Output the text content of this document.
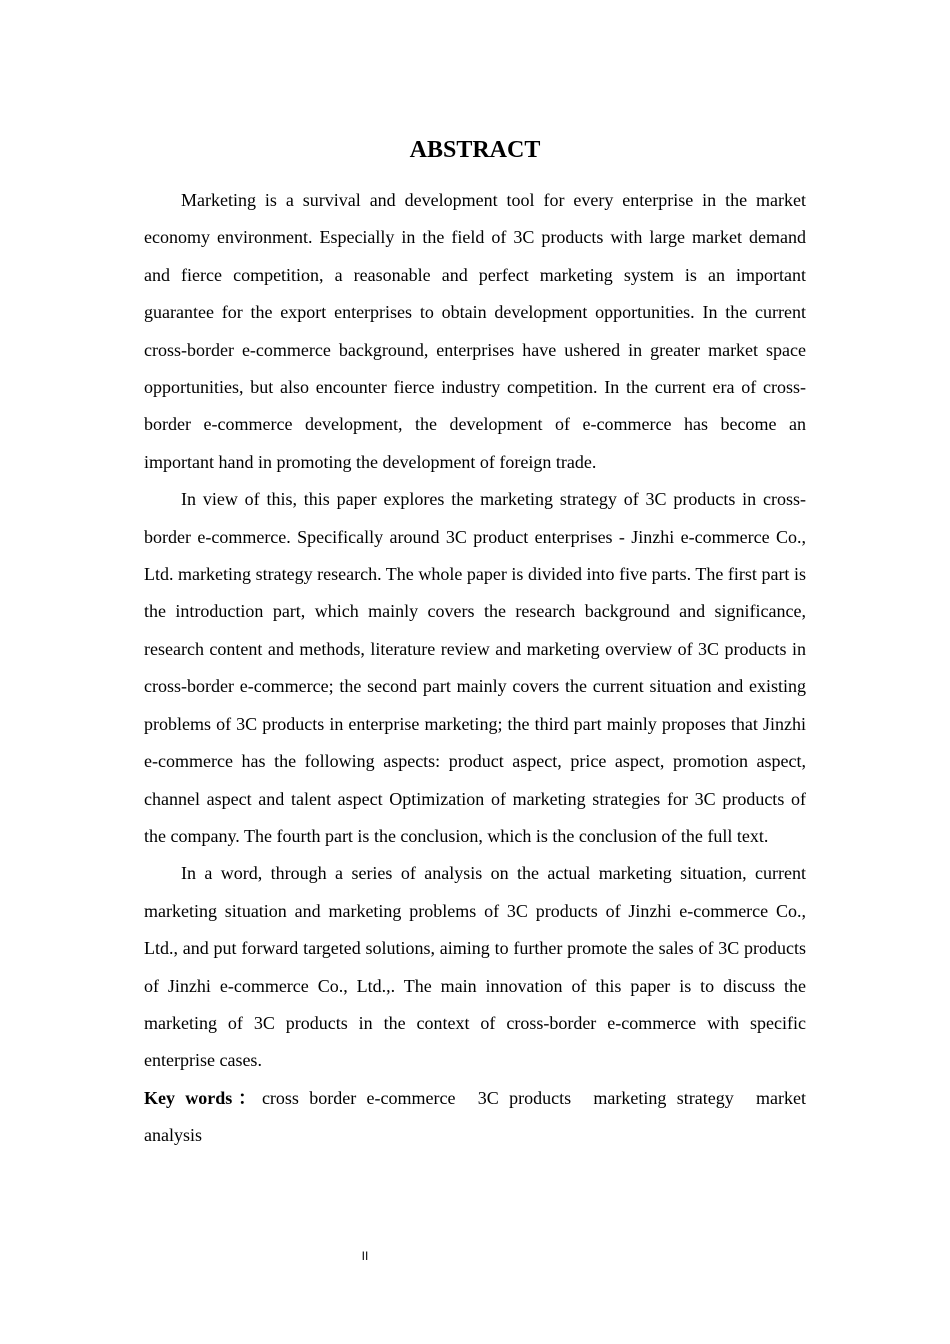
ABSTRACT

Marketing is a survival and development tool for every enterprise in the market economy environment. Especially in the field of 3C products with large market demand and fierce competition, a reasonable and perfect marketing system is an important guarantee for the export enterprises to obtain development opportunities. In the current cross-border e-commerce background, enterprises have ushered in greater market space opportunities, but also encounter fierce industry competition. In the current era of cross-border e-commerce development, the development of e-commerce has become an important hand in promoting the development of foreign trade.

In view of this, this paper explores the marketing strategy of 3C products in cross-border e-commerce. Specifically around 3C product enterprises - Jinzhi e-commerce Co., Ltd. marketing strategy research. The whole paper is divided into five parts. The first part is the introduction part, which mainly covers the research background and significance, research content and methods, literature review and marketing overview of 3C products in cross-border e-commerce; the second part mainly covers the current situation and existing problems of 3C products in enterprise marketing; the third part mainly proposes that Jinzhi e-commerce has the following aspects: product aspect, price aspect, promotion aspect, channel aspect and talent aspect Optimization of marketing strategies for 3C products of the company. The fourth part is the conclusion, which is the conclusion of the full text.

In a word, through a series of analysis on the actual marketing situation, current marketing situation and marketing problems of 3C products of Jinzhi e-commerce Co., Ltd., and put forward targeted solutions, aiming to further promote the sales of 3C products of Jinzhi e-commerce Co., Ltd.,. The main innovation of this paper is to discuss the marketing of 3C products in the context of cross-border e-commerce with specific enterprise cases.

Key words：cross border e-commerce 3C products marketing strategy market analysis

II
